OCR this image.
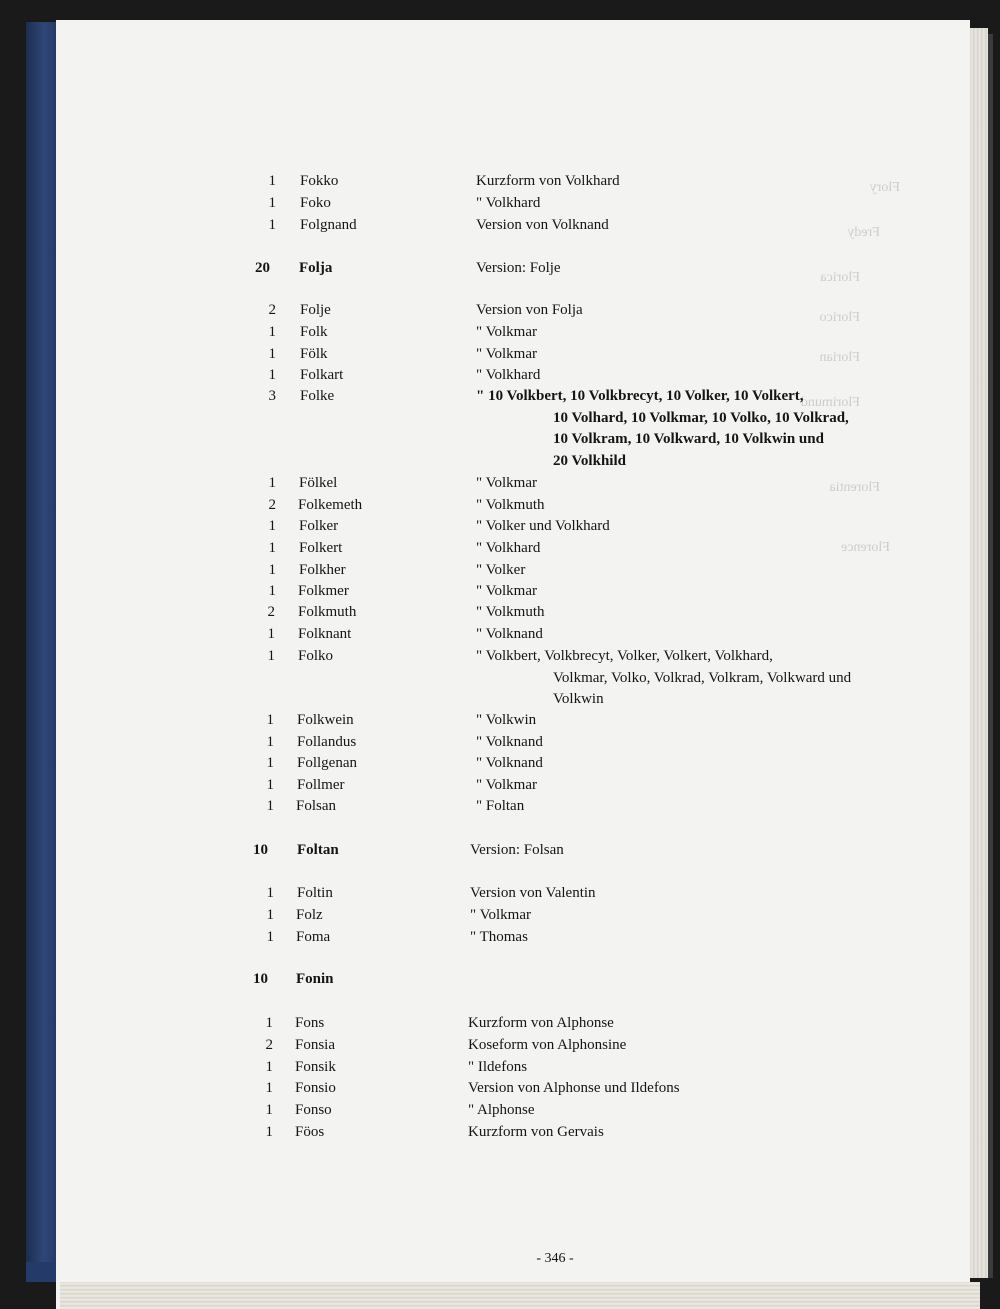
Flory
Fredy
Florica
Florico
Florian
Florimund
Florentia
Florence
1 Fokko	Kurzform von Volkhard
1 Foko	" Volkhard
1 Folgnand	Version von Volknand
20 Folja	Version: Folje
2 Folje	Version von Folja
1 Folk	" Volkmar
1 Fölk	" Volkmar
1 Folkart	" Volkhard
3 Folke	" 10 Volkbert, 10 Volkbrecyt, 10 Volker, 10 Volkert,
10 Volhard, 10 Volkmar, 10 Volko, 10 Volkrad,
10 Volkram, 10 Volkward, 10 Volkwin und
20 Volkhild
1 Fölkel	" Volkmar
2 Folkemeth	" Volkmuth
1 Folker	" Volker und Volkhard
1 Folkert	" Volkhard
1 Folkher	" Volker
1 Folkmer	" Volkmar
2 Folkmuth	" Volkmuth
1 Folknant	" Volknand
1 Folko	" Volkbert, Volkbrecyt, Volker, Volkert, Volkhard,
Volkmar, Volko, Volkrad, Volkram, Volkward und
Volkwin
1 Folkwein	" Volkwin
1 Follandus	" Volknand
1 Follgenan	" Volknand
1 Follmer	" Volkmar
1 Folsan	" Foltan
10 Foltan	Version: Folsan
1 Foltin	Version von Valentin
1 Folz	" Volkmar
1 Foma	" Thomas
10 Fonin
1 Fons	Kurzform von Alphonse
2 Fonsia	Koseform von Alphonsine
1 Fonsik	" Ildefons
1 Fonsio	Version von Alphonse und Ildefons
1 Fonso	" Alphonse
1 Föos	Kurzform von Gervais
- 346 -
